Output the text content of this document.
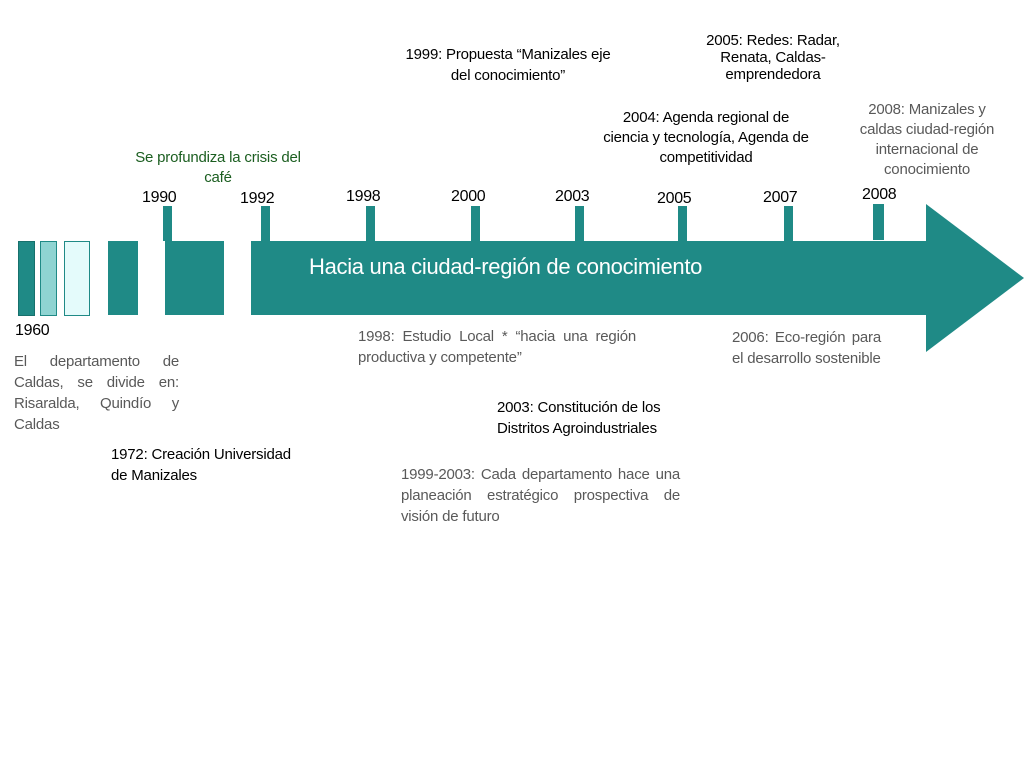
Hacia una ciudad-región de conocimiento
1960
1990	1992	1998	2000	2003	2005	2007	2008
Se profundiza la crisis del café
1999: Propuesta “Manizales eje del conocimiento”
2004: Agenda regional de ciencia y tecnología, Agenda de competitividad
2005: Redes: Radar, Renata, Caldas-emprendedora
2008: Manizales y caldas ciudad-región internacional de conocimiento
El departamento de Caldas, se divide en: Risaralda, Quindío y Caldas
1972: Creación Universidad de Manizales
1998: Estudio Local * “hacia una región productiva y competente”
2003: Constitución de los Distritos Agroindustriales
1999-2003: Cada departamento hace una planeación estratégico prospectiva de visión de futuro
2006: Eco-región para el desarrollo sostenible
